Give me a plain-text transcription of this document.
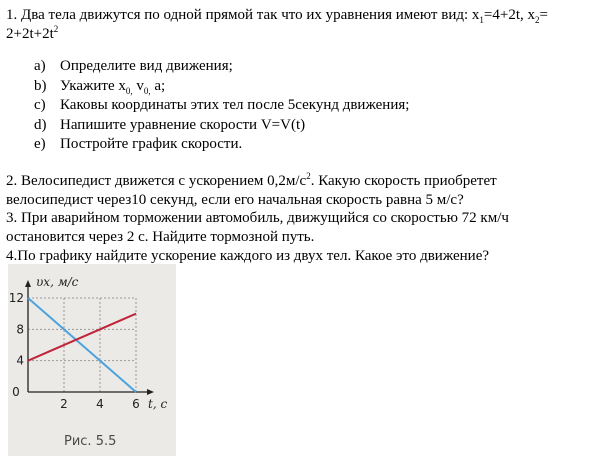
1. Два тела движутся по одной прямой так что их уравнения имеют вид: $x_1=4+2t$, $x_2=$
$2+2t+2t^2$
a) Определите вид движения;
b) Укажите $x_{0,}$ $v_{0,}$ a;
c) Каковы координаты этих тел после 5секунд движения;
d) Напишите уравнение скорости V=V(t)
e) Постройте график скорости.
2. Велосипедист движется с ускорением $0,2м/с^2$. Какую скорость приобретет
велосипедист через10 секунд, если его начальная скорость равна 5 м/с?
3. При аварийном торможении автомобиль, движущийся со скоростью 72 км/ч
остановится через 2 с. Найдите тормозной путь.
4.По графику найдите ускорение каждого из двух тел. Какое это движение?
4
8
12
0
2 4 6
υx, м/с
t, с
Рис. 5.5
